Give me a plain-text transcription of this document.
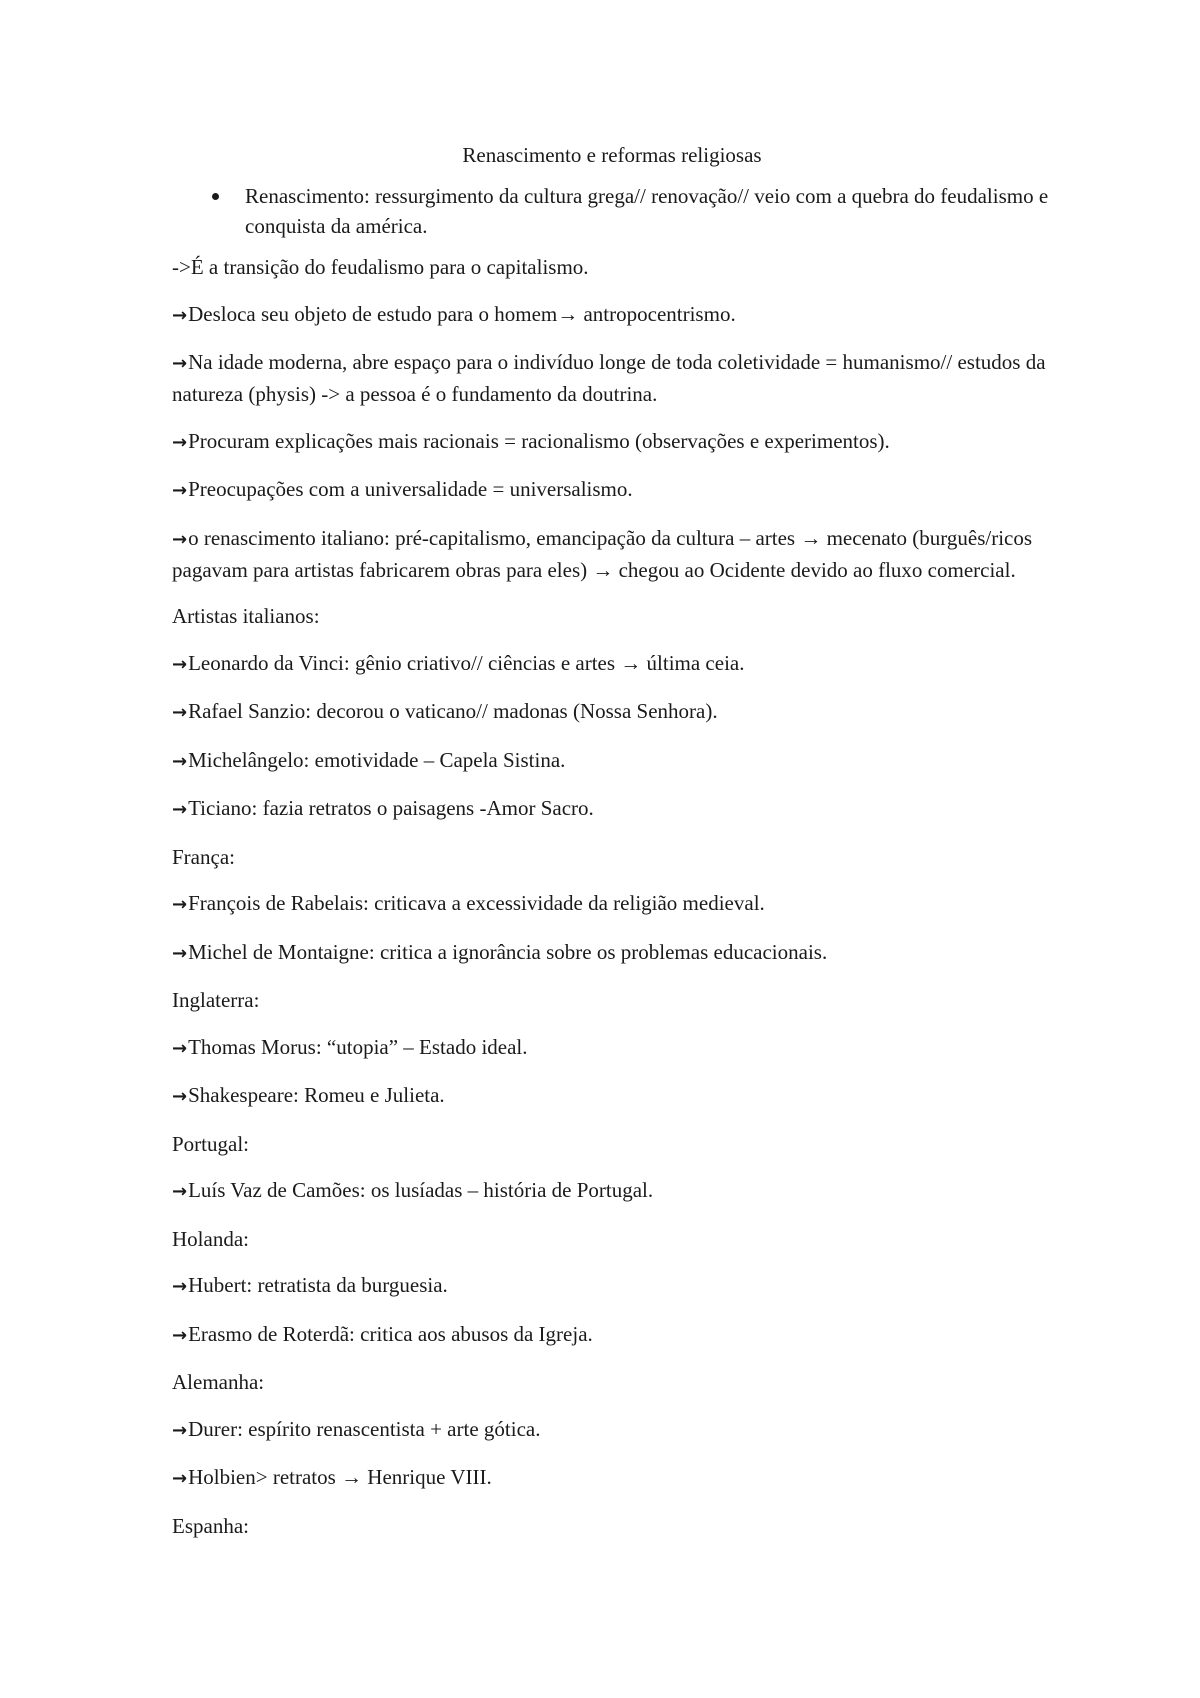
Renascimento e reformas religiosas

Renascimento: ressurgimento da cultura grega// renovação// veio com a quebra do feudalismo e conquista da américa.

->É a transição do feudalismo para o capitalismo.

→Desloca seu objeto de estudo para o homem→ antropocentrismo.

→Na idade moderna, abre espaço para o indivíduo longe de toda coletividade = humanismo// estudos da natureza (physis) -> a pessoa é o fundamento da doutrina.

→Procuram explicações mais racionais = racionalismo (observações e experimentos).

→Preocupações com a universalidade = universalismo.

→o renascimento italiano: pré-capitalismo, emancipação da cultura – artes → mecenato (burguês/ricos pagavam para artistas fabricarem obras para eles) → chegou ao Ocidente devido ao fluxo comercial.

Artistas italianos:

→Leonardo da Vinci: gênio criativo// ciências e artes → última ceia.

→Rafael Sanzio: decorou o vaticano// madonas (Nossa Senhora).

→Michelângelo: emotividade – Capela Sistina.

→Ticiano: fazia retratos o paisagens -Amor Sacro.

França:

→François de Rabelais: criticava a excessividade da religião medieval.

→Michel de Montaigne: critica a ignorância sobre os problemas educacionais.

Inglaterra:

→Thomas Morus: “utopia” – Estado ideal.

→Shakespeare: Romeu e Julieta.

Portugal:

→Luís Vaz de Camões: os lusíadas – história de Portugal.

Holanda:

→Hubert: retratista da burguesia.

→Erasmo de Roterdã: critica aos abusos da Igreja.

Alemanha:

→Durer: espírito renascentista + arte gótica.

→Holbien> retratos → Henrique VIII.

Espanha:
